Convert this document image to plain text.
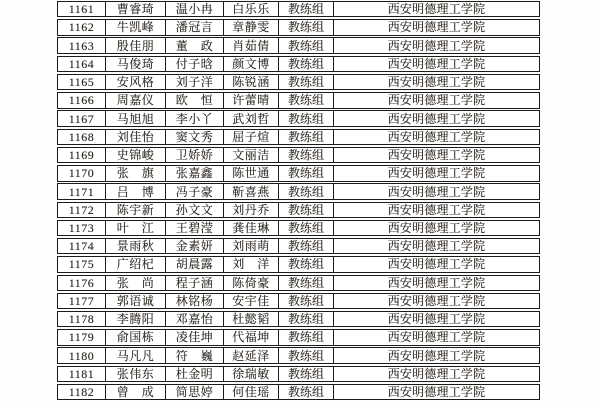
1161	曹睿琦	温小冉	白乐乐	教练组	西安明德理工学院
1162	牛凯峰	潘冠言	章静雯	教练组	西安明德理工学院
1163	殷佳朋	董　政	肖茹倩	教练组	西安明德理工学院
1164	马俊琦	付子晗	颜文博	教练组	西安明德理工学院
1165	安风格	刘子洋	陈锐涵	教练组	西安明德理工学院
1166	周嘉仪	欧　恒	许蕾晴	教练组	西安明德理工学院
1167	马旭旭	李小丫	武刘哲	教练组	西安明德理工学院
1168	刘佳怡	窦文秀	屈子煊	教练组	西安明德理工学院
1169	史锦峻	卫娇娇	文丽洁	教练组	西安明德理工学院
1170	张　旗	张嘉鑫	陈世通	教练组	西安明德理工学院
1171	吕　博	冯子豪	靳喜燕	教练组	西安明德理工学院
1172	陈宇新	孙文文	刘丹乔	教练组	西安明德理工学院
1173	叶　江	王碧滢	龚佳琳	教练组	西安明德理工学院
1174	景雨秋	金素妍	刘雨萌	教练组	西安明德理工学院
1175	广绍杞	胡晨露	刘　洋	教练组	西安明德理工学院
1176	张　尚	程子涵	陈倚豪	教练组	西安明德理工学院
1177	郭语诚	林铭杨	安宇佳	教练组	西安明德理工学院
1178	李腾阳	邓嘉怡	杜懿韬	教练组	西安明德理工学院
1179	俞国栋	凌佳坤	代福坤	教练组	西安明德理工学院
1180	马凡凡	符　巍	赵延泽	教练组	西安明德理工学院
1181	张伟东	杜金明	徐瑞敏	教练组	西安明德理工学院
1182	曾　成	简思婷	何佳瑶	教练组	西安明德理工学院
